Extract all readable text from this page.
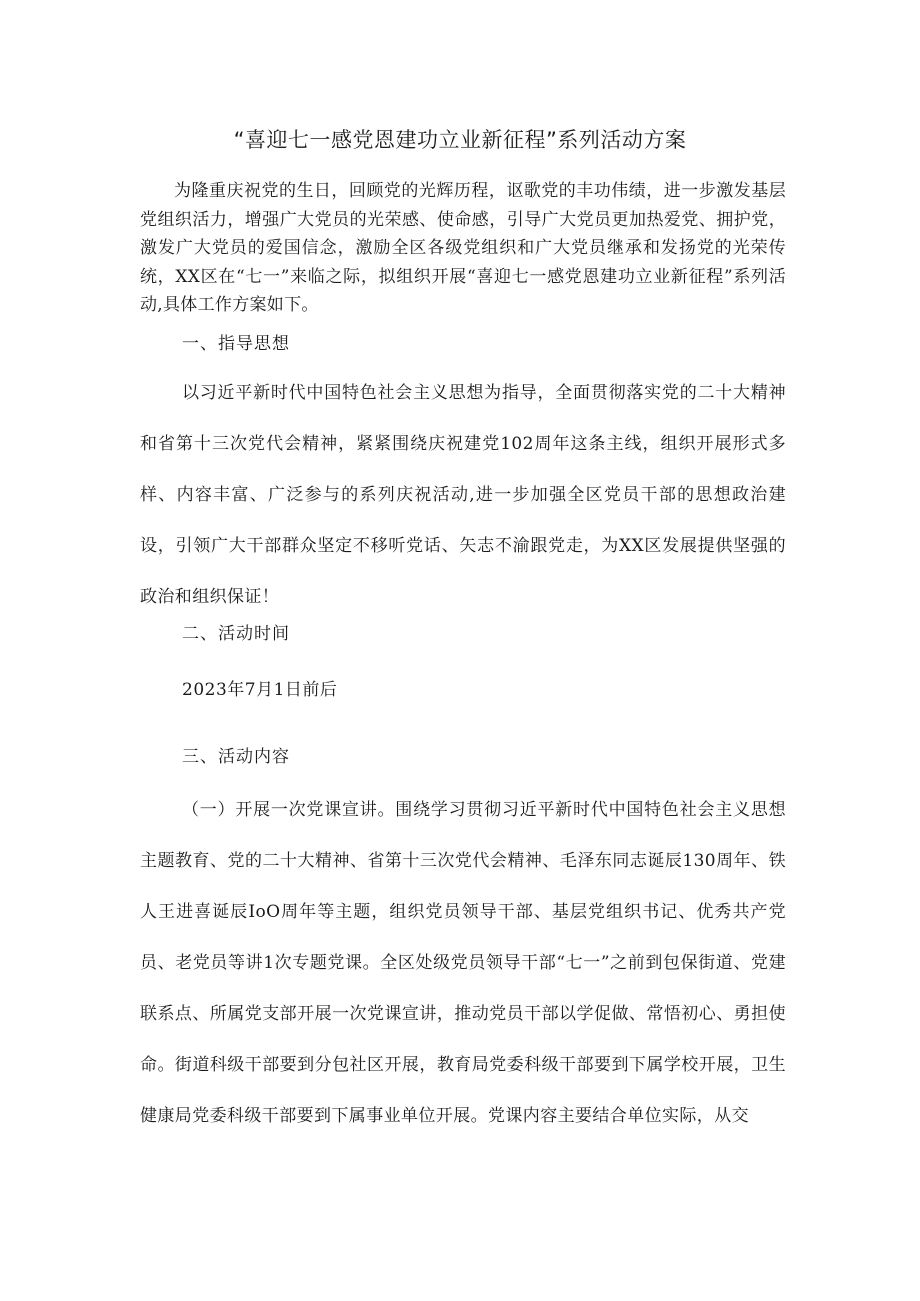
“喜迎七一感党恩建功立业新征程”系列活动方案
为隆重庆祝党的生日，回顾党的光辉历程，讴歌党的丰功伟绩，进一步激发基层党组织活力，增强广大党员的光荣感、使命感，引导广大党员更加热爱党、拥护党，激发广大党员的爱国信念，激励全区各级党组织和广大党员继承和发扬党的光荣传统，XX区在“七一”来临之际，拟组织开展“喜迎七一感党恩建功立业新征程”系列活动,具体工作方案如下。
一、指导思想
以习近平新时代中国特色社会主义思想为指导，全面贯彻落实党的二十大精神和省第十三次党代会精神，紧紧围绕庆祝建党102周年这条主线，组织开展形式多样、内容丰富、广泛参与的系列庆祝活动,进一步加强全区党员干部的思想政治建设，引领广大干部群众坚定不移听党话、矢志不渝跟党走，为XX区发展提供坚强的政治和组织保证！
二、活动时间
2023年7月1日前后
三、活动内容
（一）开展一次党课宣讲。围绕学习贯彻习近平新时代中国特色社会主义思想主题教育、党的二十大精神、省第十三次党代会精神、毛泽东同志诞辰130周年、铁人王进喜诞辰IoO周年等主题，组织党员领导干部、基层党组织书记、优秀共产党员、老党员等讲1次专题党课。全区处级党员领导干部“七一”之前到包保街道、党建联系点、所属党支部开展一次党课宣讲，推动党员干部以学促做、常悟初心、勇担使命。街道科级干部要到分包社区开展，教育局党委科级干部要到下属学校开展，卫生健康局党委科级干部要到下属事业单位开展。党课内容主要结合单位实际，从交
